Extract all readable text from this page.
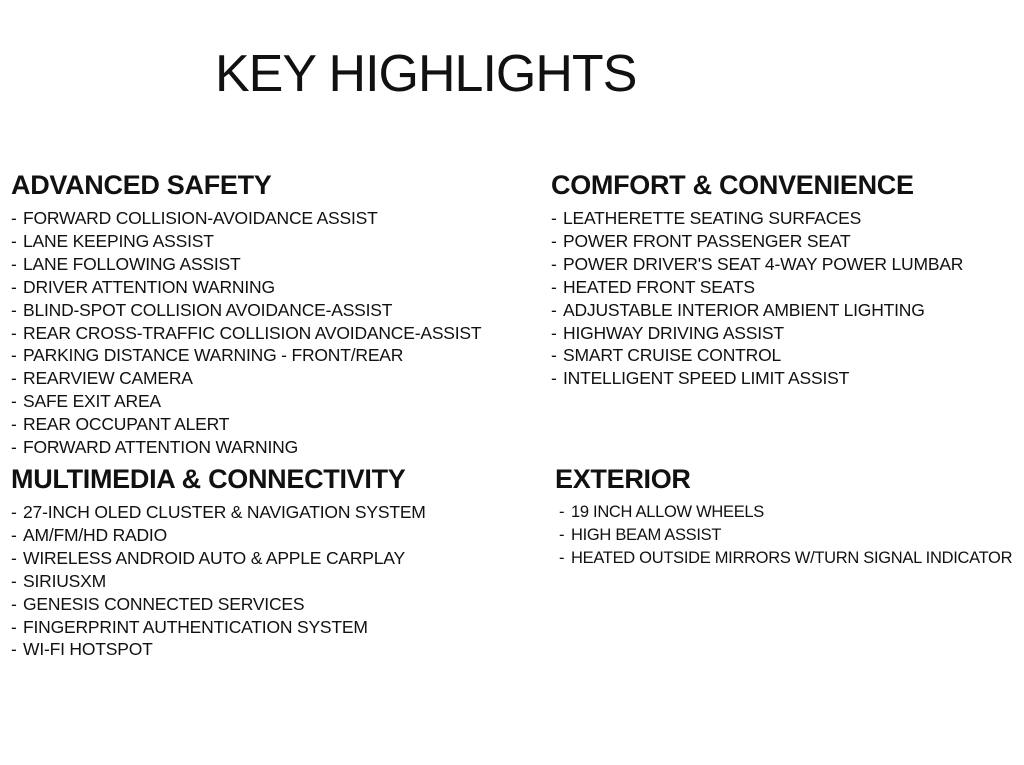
KEY HIGHLIGHTS
ADVANCED SAFETY
- FORWARD COLLISION-AVOIDANCE ASSIST
- LANE KEEPING ASSIST
- LANE FOLLOWING ASSIST
- DRIVER ATTENTION WARNING
- BLIND-SPOT COLLISION AVOIDANCE-ASSIST
- REAR CROSS-TRAFFIC COLLISION AVOIDANCE-ASSIST
- PARKING DISTANCE WARNING - FRONT/REAR
- REARVIEW CAMERA
- SAFE EXIT AREA
- REAR OCCUPANT ALERT
- FORWARD ATTENTION WARNING
COMFORT & CONVENIENCE
- LEATHERETTE SEATING SURFACES
- POWER FRONT PASSENGER SEAT
- POWER DRIVER'S SEAT 4-WAY POWER LUMBAR
- HEATED FRONT SEATS
- ADJUSTABLE INTERIOR AMBIENT LIGHTING
- HIGHWAY DRIVING ASSIST
- SMART CRUISE CONTROL
- INTELLIGENT SPEED LIMIT ASSIST
MULTIMEDIA & CONNECTIVITY
- 27-INCH OLED CLUSTER & NAVIGATION SYSTEM
- AM/FM/HD RADIO
- WIRELESS ANDROID AUTO & APPLE CARPLAY
- SIRIUSXM
- GENESIS CONNECTED SERVICES
- FINGERPRINT AUTHENTICATION SYSTEM
- WI-FI HOTSPOT
EXTERIOR
- 19 INCH ALLOW WHEELS
- HIGH BEAM ASSIST
- HEATED OUTSIDE MIRRORS W/TURN SIGNAL INDICATOR
